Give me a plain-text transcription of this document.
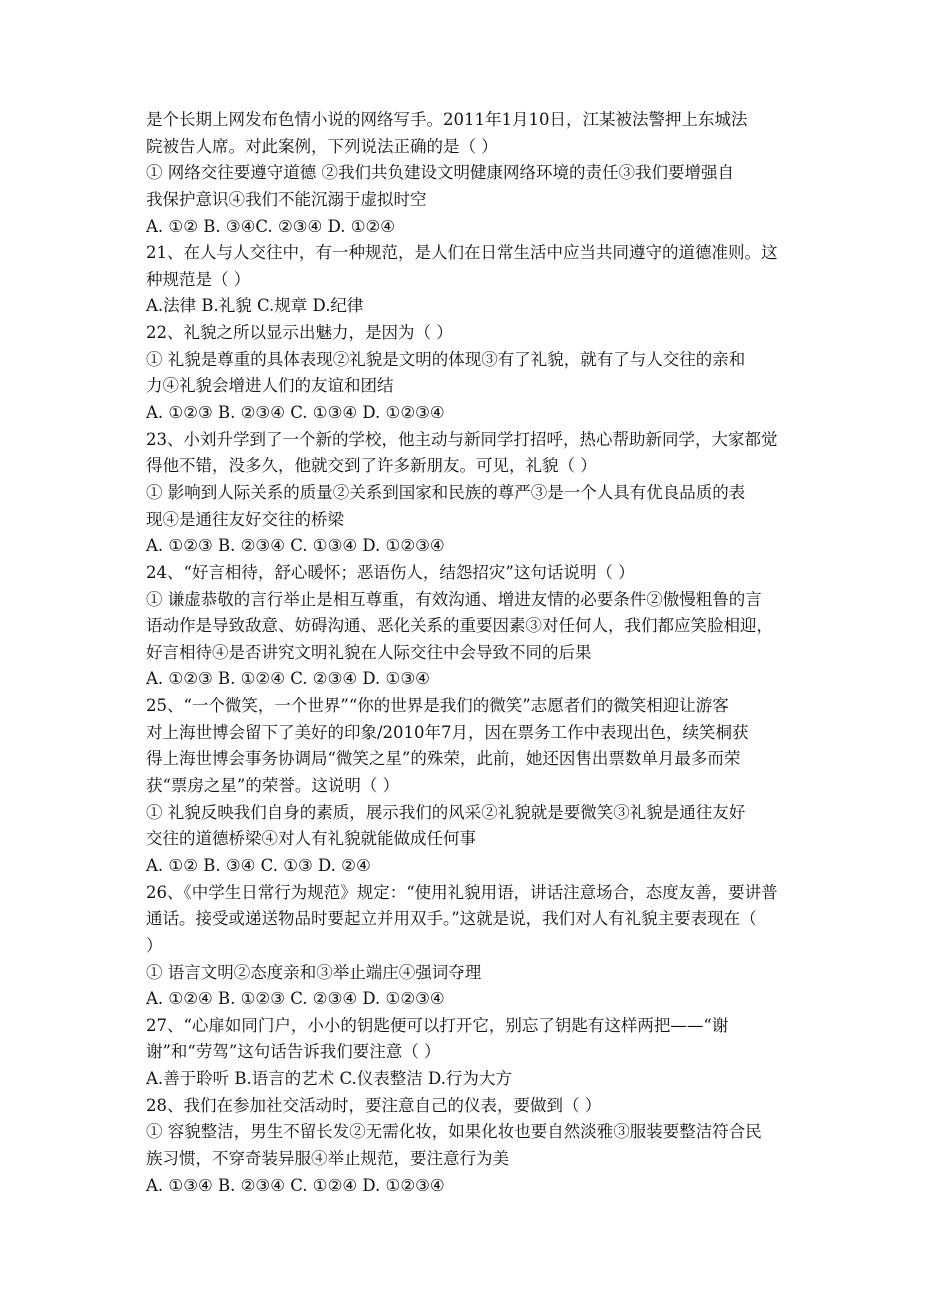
是个长期上网发布色情小说的网络写手。2011年1月10日，江某被法警押上东城法
院被告人席。对此案例，下列说法正确的是（ ）
① 网络交往要遵守道德 ②我们共负建设文明健康网络环境的责任③我们要增强自
我保护意识④我们不能沉溺于虚拟时空
A. ①② B. ③④C. ②③④ D. ①②④
21、在人与人交往中，有一种规范，是人们在日常生活中应当共同遵守的道德准则。这
种规范是（ ）
A.法律 B.礼貌 C.规章 D.纪律
22、礼貌之所以显示出魅力，是因为（ ）
① 礼貌是尊重的具体表现②礼貌是文明的体现③有了礼貌，就有了与人交往的亲和
力④礼貌会增进人们的友谊和团结
A. ①②③ B. ②③④ C. ①③④ D. ①②③④
23、小刘升学到了一个新的学校，他主动与新同学打招呼，热心帮助新同学，大家都觉
得他不错，没多久，他就交到了许多新朋友。可见，礼貌（ ）
① 影响到人际关系的质量②关系到国家和民族的尊严③是一个人具有优良品质的表
现④是通往友好交往的桥梁
A. ①②③ B. ②③④ C. ①③④ D. ①②③④
24、“好言相待，舒心暖怀；恶语伤人，结怨招灾”这句话说明（ ）
① 谦虚恭敬的言行举止是相互尊重，有效沟通、增进友情的必要条件②傲慢粗鲁的言
语动作是导致敌意、妨碍沟通、恶化关系的重要因素③对任何人，我们都应笑脸相迎，
好言相待④是否讲究文明礼貌在人际交往中会导致不同的后果
A. ①②③ B. ①②④ C. ②③④ D. ①③④
25、“一个微笑，一个世界”“你的世界是我们的微笑”志愿者们的微笑相迎让游客
对上海世博会留下了美好的印象/2010年7月，因在票务工作中表现出色，续笑桐获
得上海世博会事务协调局“微笑之星”的殊荣，此前，她还因售出票数单月最多而荣
获“票房之星”的荣誉。这说明（ ）
① 礼貌反映我们自身的素质，展示我们的风采②礼貌就是要微笑③礼貌是通往友好
交往的道德桥梁④对人有礼貌就能做成任何事
A. ①② B. ③④ C. ①③ D. ②④
26、《中学生日常行为规范》规定：“使用礼貌用语，讲话注意场合，态度友善，要讲普
通话。接受或递送物品时要起立并用双手。”这就是说，我们对人有礼貌主要表现在（
）
① 语言文明②态度亲和③举止端庄④强词夺理
A. ①②④ B. ①②③ C. ②③④ D. ①②③④
27、“心扉如同门户，小小的钥匙便可以打开它，别忘了钥匙有这样两把——“谢
谢”和“劳驾”这句话告诉我们要注意（ ）
A.善于聆听 B.语言的艺术 C.仪表整洁 D.行为大方
28、我们在参加社交活动时，要注意自己的仪表，要做到（ ）
① 容貌整洁，男生不留长发②无需化妆，如果化妆也要自然淡雅③服装要整洁符合民
族习惯，不穿奇装异服④举止规范，要注意行为美
A. ①③④ B. ②③④ C. ①②④ D. ①②③④
